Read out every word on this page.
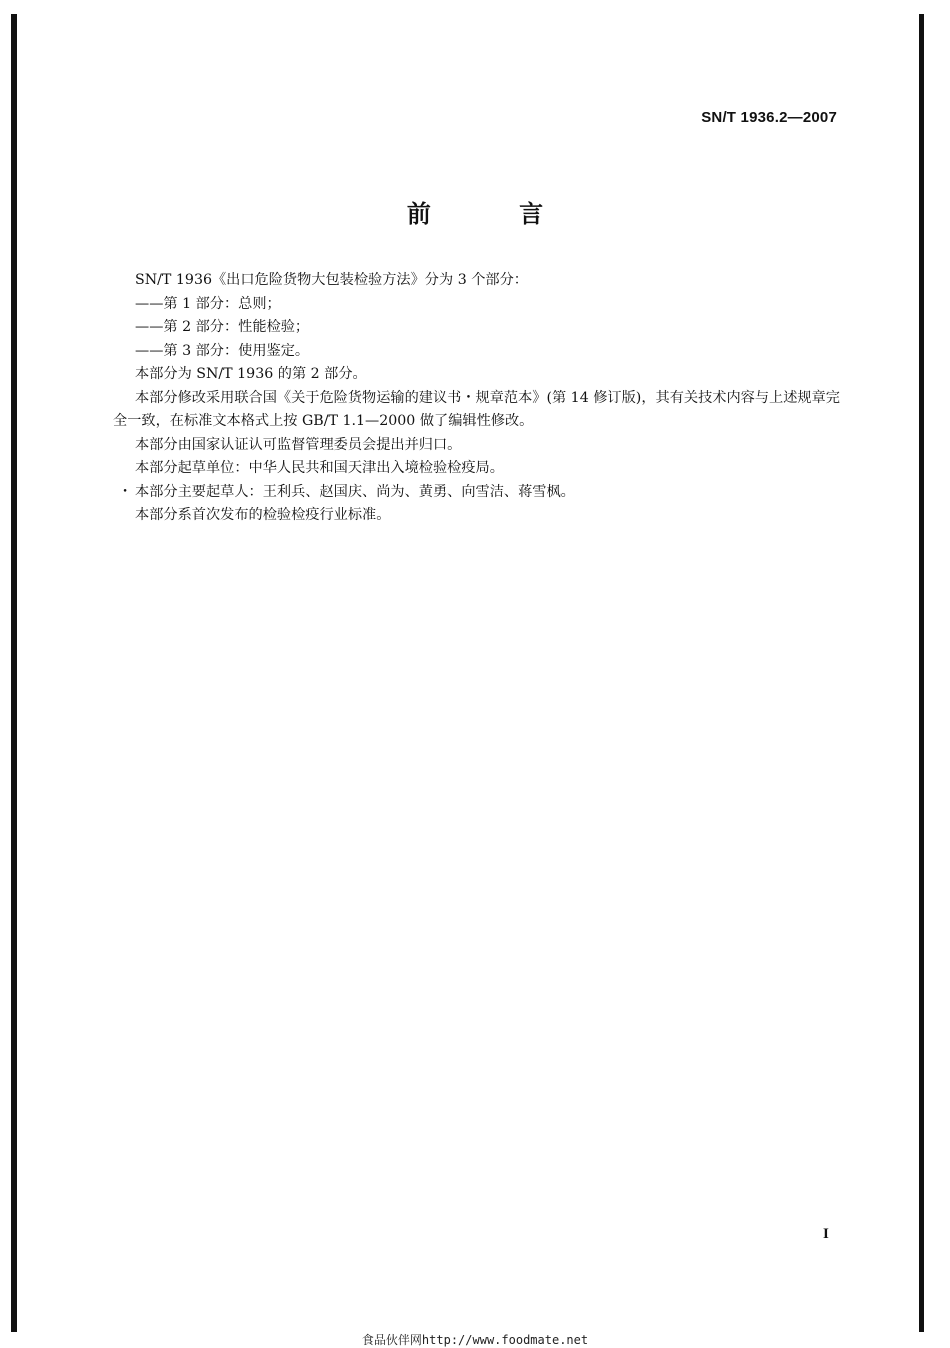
SN/T 1936.2—2007
前 言

SN/T 1936《出口危险货物大包装检验方法》分为 3 个部分：

——第 1 部分：总则；

——第 2 部分：性能检验；

——第 3 部分：使用鉴定。

本部分为 SN/T 1936 的第 2 部分。

本部分修改采用联合国《关于危险货物运输的建议书・规章范本》(第 14 修订版)，其有关技术内容与上述规章完全一致，在标准文本格式上按 GB/T 1.1—2000 做了编辑性修改。

本部分由国家认证认可监督管理委员会提出并归口。

本部分起草单位：中华人民共和国天津出入境检验检疫局。

・ 本部分主要起草人：王利兵、赵国庆、尚为、黄勇、向雪洁、蒋雪枫。

本部分系首次发布的检验检疫行业标准。

I
食品伙伴网http://www.foodmate.net
